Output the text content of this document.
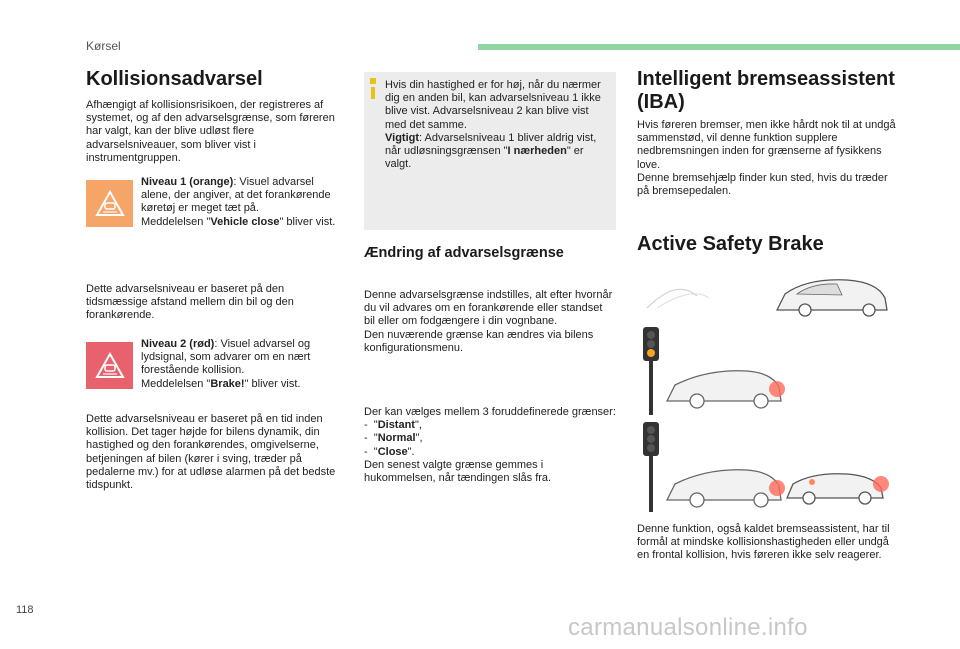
Kørsel
Kollisionsadvarsel

Afhængigt af kollisionsrisikoen, der registreres af systemet, og af den advarselsgrænse, som føreren har valgt, kan der blive udløst flere advarselsniveauer, som bliver vist i instrumentgruppen.

Niveau 1 (orange): Visuel advarsel alene, der angiver, at det forankørende køretøj er meget tæt på.
Meddelelsen "Vehicle close" bliver vist.

Dette advarselsniveau er baseret på den tidsmæssige afstand mellem din bil og den forankørende.

Niveau 2 (rød): Visuel advarsel og lydsignal, som advarer om en nært forestående kollision.
Meddelelsen "Brake!" bliver vist.

Dette advarselsniveau er baseret på en tid inden kollision. Det tager højde for bilens dynamik, din hastighed og den forankørendes, omgivelserne, betjeningen af bilen (kører i sving, træder på pedalerne mv.) for at udløse alarmen på det bedste tidspunkt.

Hvis din hastighed er for høj, når du nærmer dig en anden bil, kan advarselsniveau 1 ikke blive vist. Advarselsniveau 2 kan blive vist med det samme.
Vigtigt: Advarselsniveau 1 bliver aldrig vist, når udløsningsgrænsen "I nærheden" er valgt.

Ændring af advarselsgrænse

Denne advarselsgrænse indstilles, alt efter hvornår du vil advares om en forankørende eller standset bil eller om fodgængere i din vognbane.
Den nuværende grænse kan ændres via bilens konfigurationsmenu.

Der kan vælges mellem 3 foruddefinerede grænser:
-  "Distant",
-  "Normal",
-  "Close".
Den senest valgte grænse gemmes i hukommelsen, når tændingen slås fra.

Intelligent bremseassistent
(IBA)

Hvis føreren bremser, men ikke hårdt nok til at undgå sammenstød, vil denne funktion supplere nedbremsningen inden for grænserne af fysikkens love.
Denne bremsehjælp finder kun sted, hvis du træder på bremsepedalen.

Active Safety Brake

Denne funktion, også kaldet bremseassistent, har til formål at mindske kollisionshastigheden eller undgå en frontal kollision, hvis føreren ikke selv reagerer.

118
carmanualsonline.info
